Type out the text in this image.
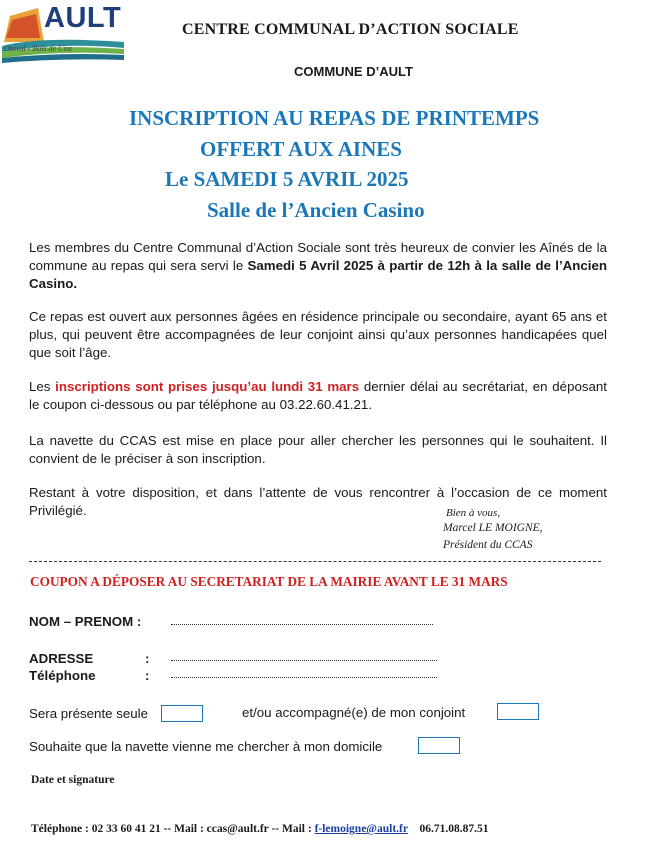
AULT
Onival - Bois de Cise
CENTRE COMMUNAL D’ACTION SOCIALE
COMMUNE D’AULT
INSCRIPTION AU REPAS DE PRINTEMPS
OFFERT AUX AINES
Le SAMEDI 5 AVRIL 2025
Salle de l’Ancien Casino
Les membres du Centre Communal d’Action Sociale sont très heureux de convier les Aînés de la commune au repas qui sera servi le Samedi 5 Avril 2025 à partir de 12h à la salle de l’Ancien Casino.
Ce repas est ouvert aux personnes âgées en résidence principale ou secondaire, ayant 65 ans et plus, qui peuvent être accompagnées de leur conjoint ainsi qu’aux personnes handicapées quel que soit l’âge.
Les inscriptions sont prises jusqu’au lundi 31 mars dernier délai au secrétariat, en déposant le coupon ci-dessous ou par téléphone au 03.22.60.41.21.
La navette du CCAS est mise en place pour aller chercher les personnes qui le souhaitent. Il convient de le préciser à son inscription.
Restant à votre disposition, et dans l’attente de vous rencontrer à l’occasion de ce moment Privilégié.	Bien à vous,
Marcel LE MOIGNE,
Président du CCAS
COUPON A DÉPOSER AU SECRETARIAT DE LA MAIRIE AVANT LE 31 MARS
NOM – PRENOM :
ADRESSE	:
Téléphone	:
Sera présente seule	et/ou accompagné(e) de mon conjoint
Souhaite que la navette vienne me chercher à mon domicile
Date et signature
Téléphone : 02 33 60 41 21 -- Mail : ccas@ault.fr -- Mail : f-lemoigne@ault.fr 06.71.08.87.51
